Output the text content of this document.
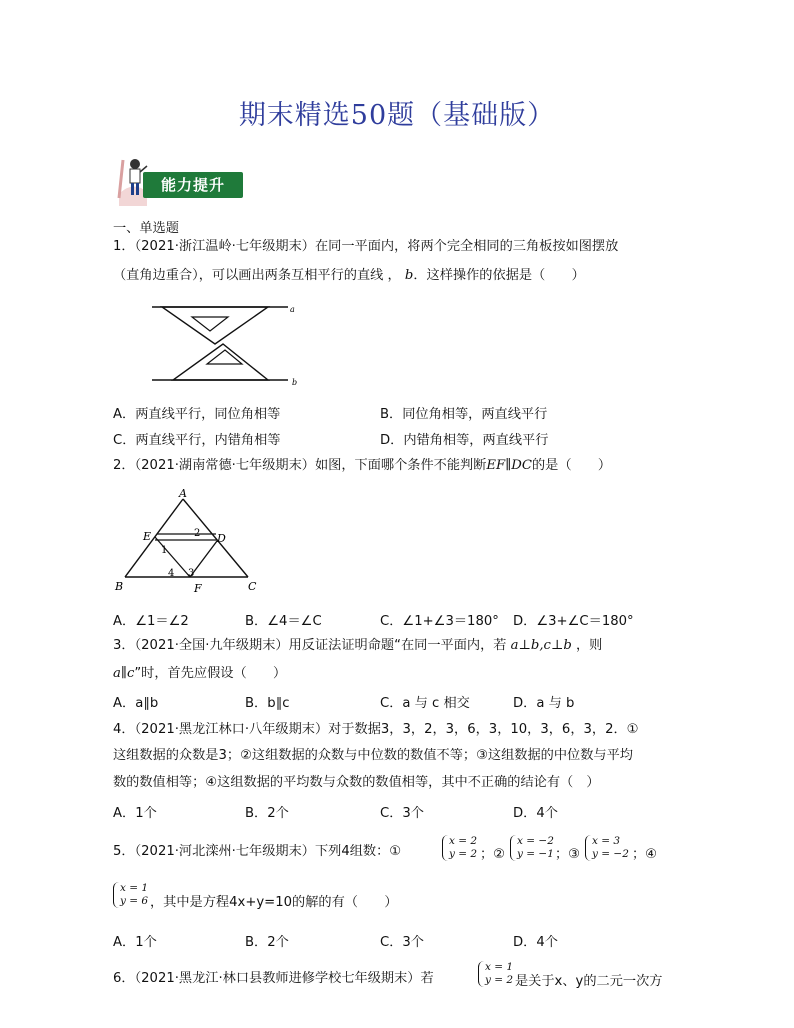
期末精选50题（基础版）
能力提升
一、单选题
1．（2021·浙江温岭·七年级期末）在同一平面内，将两个完全相同的三角板按如图摆放
（直角边重合），可以画出两条互相平行的直线 ， b．这样操作的依据是（　　）
a
b
A．两直线平行，同位角相等	B．同位角相等，两直线平行
C．两直线平行，内错角相等	D．内错角相等，两直线平行
2．（2021·湖南常德·七年级期末）如图，下面哪个条件不能判断EF∥DC的是（　　）
A
B	C
D
E
F
1
2
3
4
A．∠1＝∠2	B．∠4＝∠C	C．∠1+∠3＝180° D．∠3+∠C＝180°
3．（2021·全国·九年级期末）用反证法证明命题“在同一平面内，若 a⊥b,c⊥b ，则
a∥c”时，首先应假设（　　）
A．a∥b	B．b∥c	C．a 与 c 相交	D．a 与 b
4．（2021·黑龙江林口·八年级期末）对于数据3，3，2，3，6，3，10，3，6，3，2．①
这组数据的众数是3；②这组数据的众数与中位数的数值不等；③这组数据的中位数与平均
数的数值相等；④这组数据的平均数与众数的数值相等，其中不正确的结论有（　）
A．1个	B．2个	C．3个	D．4个
5．（2021·河北滦州·七年级期末）下列4组数：①
x = 2
y = 2 ；②
x = −2
y = −1 ；③
x = 3
y = −2 ；④
x = 1
y = 6 ，其中是方程4x+y=10的解的有（　　）
A．1个	B．2个	C．3个	D．4个
6．（2021·黑龙江·林口县教师进修学校七年级期末）若
x = 1
y = 2 是关于x、y的二元一次方
